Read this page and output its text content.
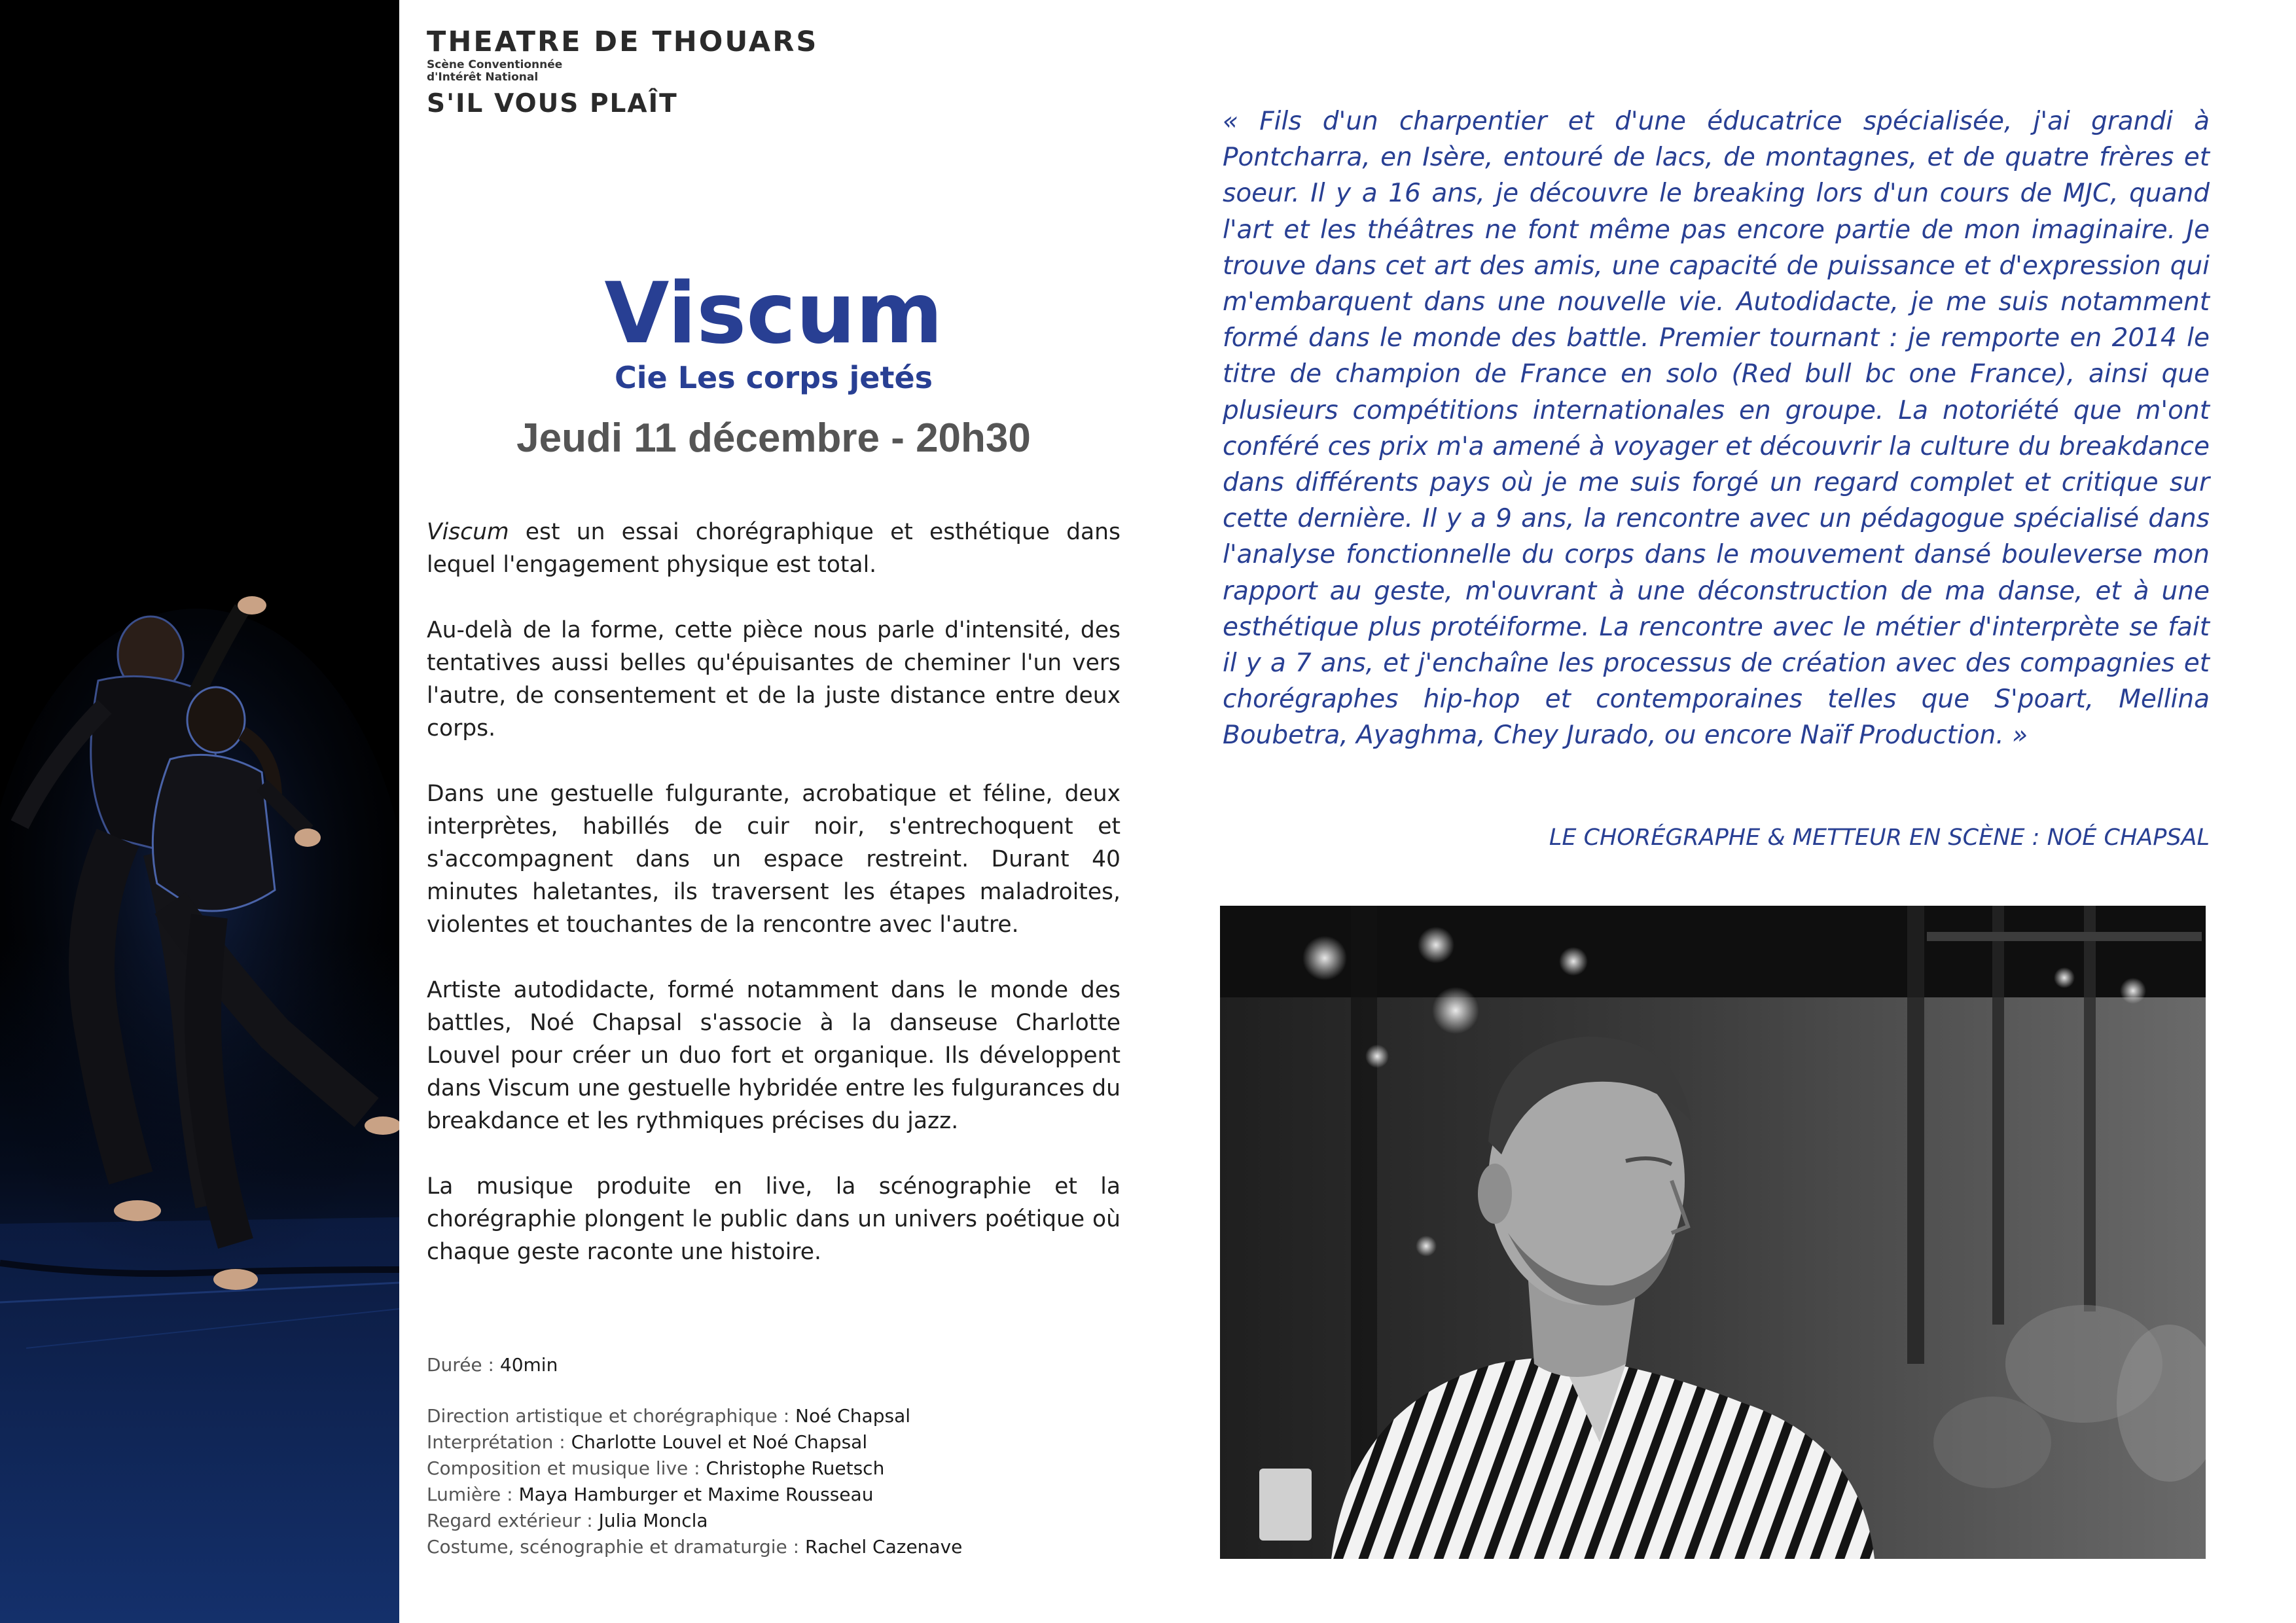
THEATRE DE THOUARS
Scène Conventionnée
d'Intérêt National
S'IL VOUS PLAÎT
Viscum
Cie Les corps jetés
Jeudi 11 décembre - 20h30

Viscum est un essai chorégraphique et esthétique dans lequel l'engagement physique est total.

Au-delà de la forme, cette pièce nous parle d'intensité, des tentatives aussi belles qu'épuisantes de cheminer l'un vers l'autre, de consentement et de la juste distance entre deux corps.

Dans une gestuelle fulgurante, acrobatique et féline, deux interprètes, habillés de cuir noir, s'entrechoquent et s'accompagnent dans un espace restreint. Durant 40 minutes haletantes, ils traversent les étapes maladroites, violentes et touchantes de la rencontre avec l'autre.

Artiste autodidacte, formé notamment dans le monde des battles, Noé Chapsal s'associe à la danseuse Charlotte Louvel pour créer un duo fort et organique. Ils développent dans Viscum une gestuelle hybridée entre les fulgurances du breakdance et les rythmiques précises du jazz.

La musique produite en live, la scénographie et la chorégraphie plongent le public dans un univers poétique où chaque geste raconte une histoire.

Durée : 40min
Direction artistique et chorégraphique : Noé Chapsal
Interprétation : Charlotte Louvel et Noé Chapsal
Composition et musique live : Christophe Ruetsch
Lumière : Maya Hamburger et Maxime Rousseau
Regard extérieur : Julia Moncla
Costume, scénographie et dramaturgie : Rachel Cazenave
« Fils d'un charpentier et d'une éducatrice spécialisée, j'ai grandi à Pontcharra, en Isère, entouré de lacs, de montagnes, et de quatre frères et soeur. Il y a 16 ans, je découvre le breaking lors d'un cours de MJC, quand l'art et les théâtres ne font même pas encore partie de mon imaginaire. Je trouve dans cet art des amis, une capacité de puissance et d'expression qui m'embarquent dans une nouvelle vie. Autodidacte, je me suis notamment formé dans le monde des battle. Premier tournant : je remporte en 2014 le titre de champion de France en solo (Red bull bc one France), ainsi que plusieurs compétitions internationales en groupe. La notoriété que m'ont conféré ces prix m'a amené à voyager et découvrir la culture du breakdance dans différents pays où je me suis forgé un regard complet et critique sur cette dernière. Il y a 9 ans, la rencontre avec un pédagogue spécialisé dans l'analyse fonctionnelle du corps dans le mouvement dansé bouleverse mon rapport au geste, m'ouvrant à une déconstruction de ma danse, et à une esthétique plus protéiforme. La rencontre avec le métier d'interprète se fait il y a 7 ans, et j'enchaîne les processus de création avec des compagnies et chorégraphes hip-hop et contemporaines telles que S'poart, Mellina Boubetra, Ayaghma, Chey Jurado, ou encore Naïf Production. »
LE CHORÉGRAPHE & METTEUR EN SCÈNE : NOÉ CHAPSAL
